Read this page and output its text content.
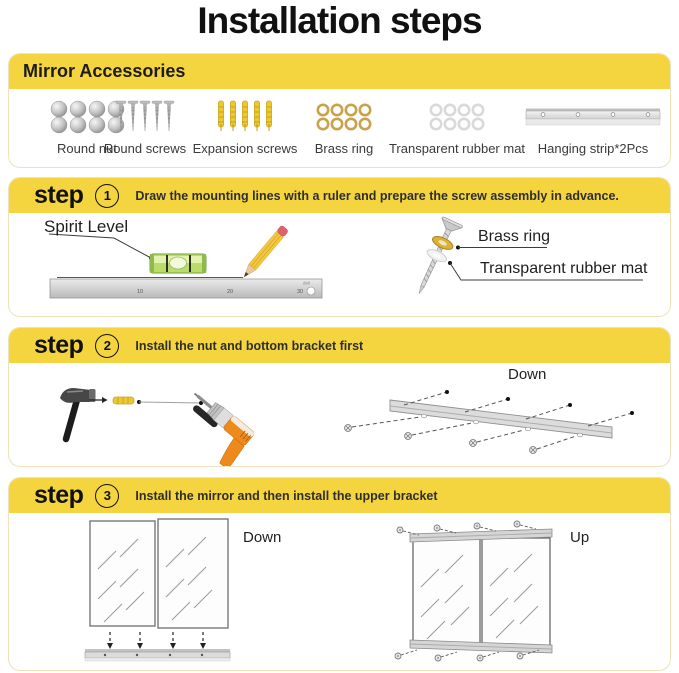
Installation steps
Mirror Accessories
Round nut
Round screws Expansion screws Brass ring Transparent rubber mat Hanging strip*2Pcs
step	1	Draw the mounting lines with a ruler and prepare the screw assembly in advance.
10	20	30
deli
step	2	Install the nut and bottom bracket first
step	3	Install the mirror and then install the upper bracket
Spirit Level
Brass ring
Transparent rubber mat
Down
Down	Up
